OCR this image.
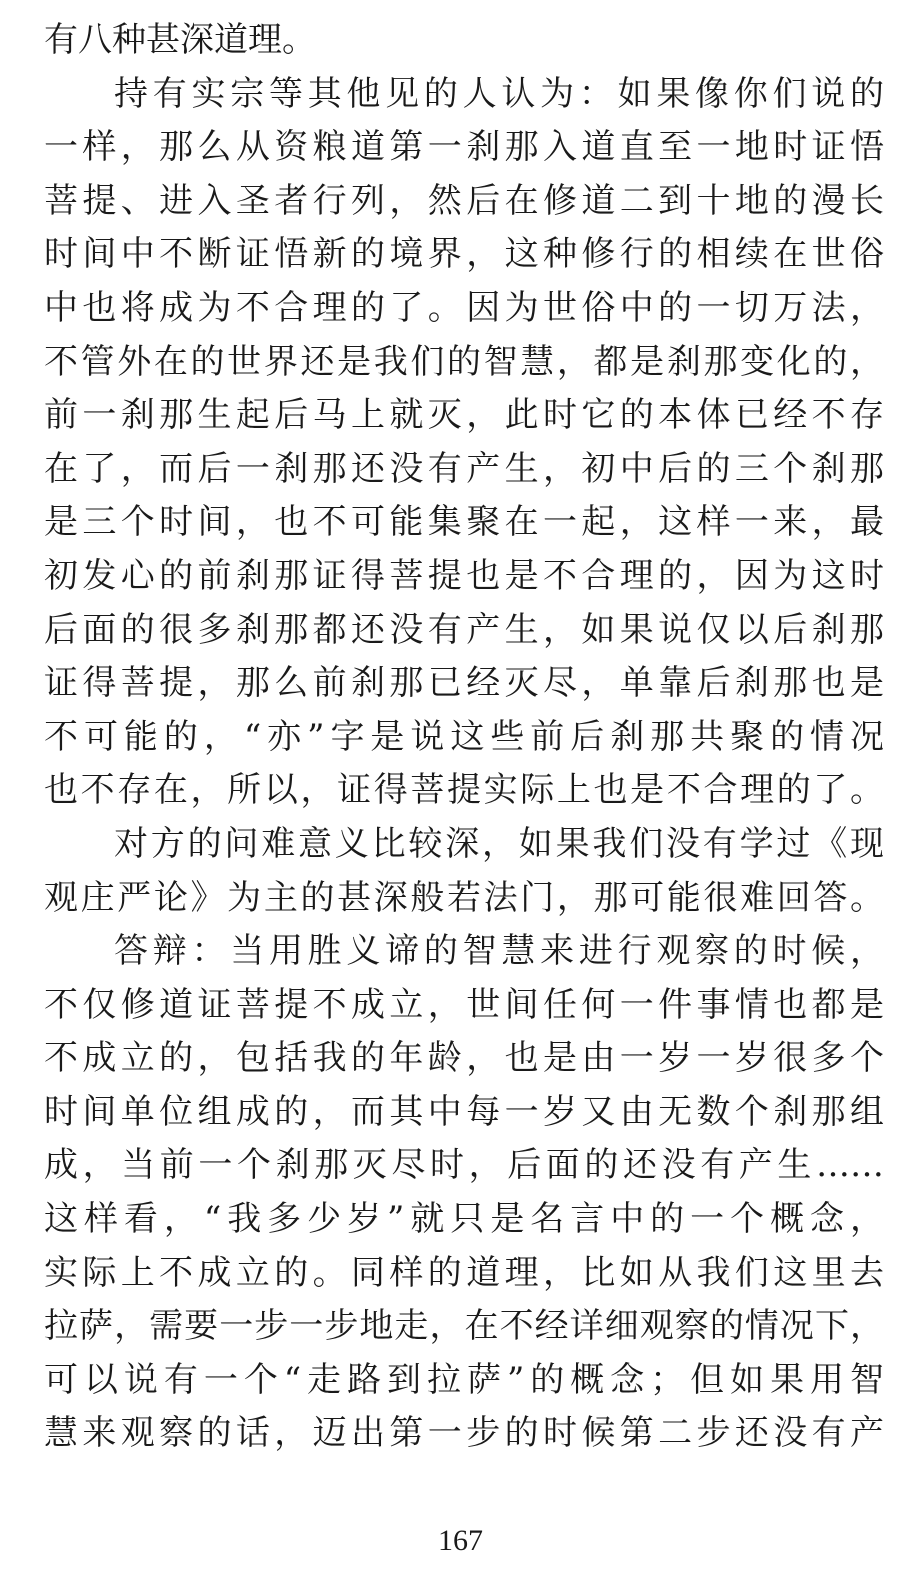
有八种甚深道理。
持有实宗等其他见的人认为：如果像你们说的
一样，那么从资粮道第一刹那入道直至一地时证悟
菩提、进入圣者行列，然后在修道二到十地的漫长
时间中不断证悟新的境界，这种修行的相续在世俗
中也将成为不合理的了。因为世俗中的一切万法，
不管外在的世界还是我们的智慧，都是刹那变化的，
前一刹那生起后马上就灭，此时它的本体已经不存
在了，而后一刹那还没有产生，初中后的三个刹那
是三个时间，也不可能集聚在一起，这样一来，最
初发心的前刹那证得菩提也是不合理的，因为这时
后面的很多刹那都还没有产生，如果说仅以后刹那
证得菩提，那么前刹那已经灭尽，单靠后刹那也是
不可能的，“亦”字是说这些前后刹那共聚的情况
也不存在，所以，证得菩提实际上也是不合理的了。
对方的问难意义比较深，如果我们没有学过《现
观庄严论》为主的甚深般若法门，那可能很难回答。
答辩：当用胜义谛的智慧来进行观察的时候，
不仅修道证菩提不成立，世间任何一件事情也都是
不成立的，包括我的年龄，也是由一岁一岁很多个
时间单位组成的，而其中每一岁又由无数个刹那组
成，当前一个刹那灭尽时，后面的还没有产生……
这样看，“我多少岁”就只是名言中的一个概念，
实际上不成立的。同样的道理，比如从我们这里去
拉萨，需要一步一步地走，在不经详细观察的情况下，
可以说有一个“走路到拉萨”的概念；但如果用智
慧来观察的话，迈出第一步的时候第二步还没有产
167
